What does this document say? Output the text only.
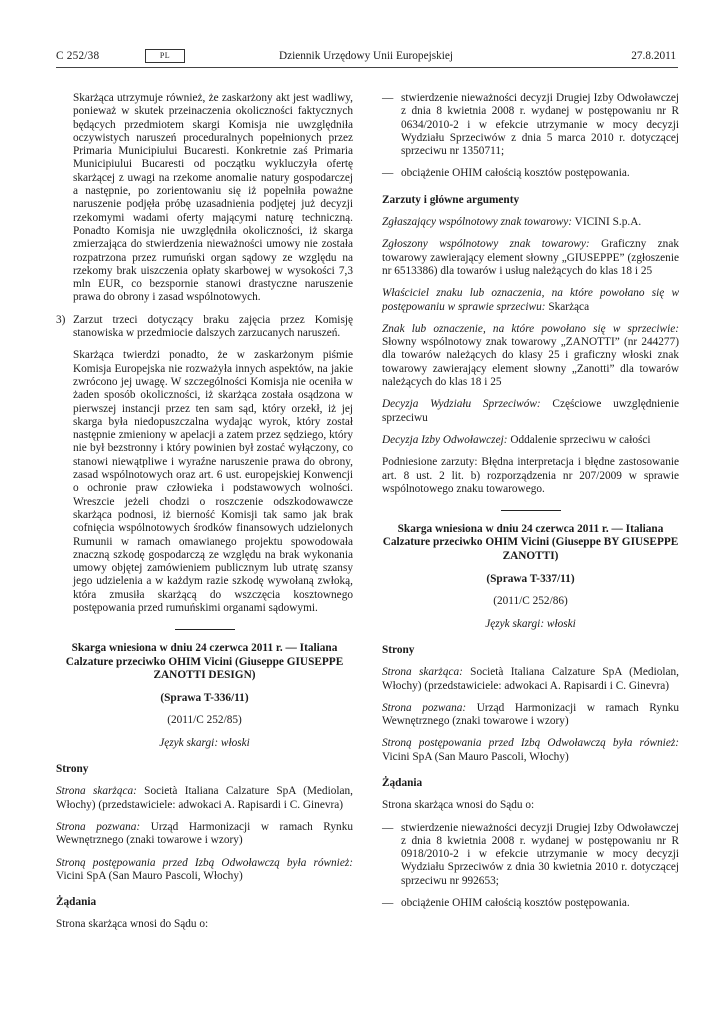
C 252/38	PL	Dziennik Urzędowy Unii Europejskiej	27.8.2011

Skarżąca utrzymuje również, że zaskarżony akt jest wadliwy, ponieważ w skutek przeinaczenia okoliczności faktycznych będących przedmiotem skargi Komisja nie uwzględniła oczywistych naruszeń proceduralnych popełnionych przez Primaria Municipiului Bucaresti. Konkretnie zaś Primaria Municipiului Bucaresti od początku wykluczyła ofertę skarżącej z uwagi na rzekome anomalie natury gospodarczej a następnie, po zorientowaniu się iż popełniła poważne naruszenie podjęła próbę uzasadnienia podjętej już decyzji rzekomymi wadami oferty mającymi naturę techniczną. Ponadto Komisja nie uwzględniła okoliczności, iż skarga zmierzająca do stwierdzenia nieważności umowy nie została rozpatrzona przez rumuński organ sądowy ze względu na rzekomy brak uiszczenia opłaty skarbowej w wysokości 7,3 mln EUR, co bezspornie stanowi drastyczne naruszenie prawa do obrony i zasad wspólnotowych.

3) Zarzut trzeci dotyczący braku zajęcia przez Komisję stanowiska w przedmiocie dalszych zarzucanych naruszeń.

Skarżąca twierdzi ponadto, że w zaskarżonym piśmie Komisja Europejska nie rozważyła innych aspektów, na jakie zwrócono jej uwagę. W szczególności Komisja nie oceniła w żaden sposób okoliczności, iż skarżąca została osądzona w pierwszej instancji przez ten sam sąd, który orzekł, iż jej skarga była niedopuszczalna wydając wyrok, który został następnie zmieniony w apelacji a zatem przez sędziego, który nie był bezstronny i który powinien był zostać wyłączony, co stanowi niewątpliwe i wyraźne naruszenie prawa do obrony, zasad wspólnotowych oraz art. 6 ust. europejskiej Konwencji o ochronie praw człowieka i podstawowych wolności. Wreszcie jeżeli chodzi o roszczenie odszkodowawcze skarżąca podnosi, iż bierność Komisji tak samo jak brak cofnięcia wspólnotowych środków finansowych udzielonych Rumunii w ramach omawianego projektu spowodowała znaczną szkodę gospodarczą ze względu na brak wykonania umowy objętej zamówieniem publicznym lub utratę szansy jego udzielenia a w każdym razie szkodę wywołaną zwłoką, która zmusiła skarżącą do wszczęcia kosztownego postępowania przed rumuńskimi organami sądowymi.

Skarga wniesiona w dniu 24 czerwca 2011 r. — Italiana Calzature przeciwko OHIM Vicini (Giuseppe GIUSEPPE ZANOTTI DESIGN)

(Sprawa T-336/11)

(2011/C 252/85)

Język skargi: włoski

Strony

Strona skarżąca: Società Italiana Calzature SpA (Mediolan, Włochy) (przedstawiciele: adwokaci A. Rapisardi i C. Ginevra)

Strona pozwana: Urząd Harmonizacji w ramach Rynku Wewnętrznego (znaki towarowe i wzory)

Stroną postępowania przed Izbą Odwoławczą była również: Vicini SpA (San Mauro Pascoli, Włochy)

Żądania

Strona skarżąca wnosi do Sądu o:

— stwierdzenie nieważności decyzji Drugiej Izby Odwoławczej z dnia 8 kwietnia 2008 r. wydanej w postępowaniu nr R 0634/2010-2 i w efekcie utrzymanie w mocy decyzji Wydziału Sprzeciwów z dnia 5 marca 2010 r. dotyczącej sprzeciwu nr 1350711;
— obciążenie OHIM całością kosztów postępowania.
Zarzuty i główne argumenty

Zgłaszający wspólnotowy znak towarowy: VICINI S.p.A.

Zgłoszony wspólnotowy znak towarowy: Graficzny znak towarowy zawierający element słowny „GIUSEPPE” (zgłoszenie nr 6513386) dla towarów i usług należących do klas 18 i 25

Właściciel znaku lub oznaczenia, na które powołano się w postępowaniu w sprawie sprzeciwu: Skarżąca

Znak lub oznaczenie, na które powołano się w sprzeciwie: Słowny wspólnotowy znak towarowy „ZANOTTI” (nr 244277) dla towarów należących do klasy 25 i graficzny włoski znak towarowy zawierający element słowny „Zanotti” dla towarów należących do klas 18 i 25

Decyzja Wydziału Sprzeciwów: Częściowe uwzględnienie sprzeciwu

Decyzja Izby Odwoławczej: Oddalenie sprzeciwu w całości

Podniesione zarzuty: Błędna interpretacja i błędne zastosowanie art. 8 ust. 2 lit. b) rozporządzenia nr 207/2009 w sprawie wspólnotowego znaku towarowego.

Skarga wniesiona w dniu 24 czerwca 2011 r. — Italiana Calzature przeciwko OHIM Vicini (Giuseppe BY GIUSEPPE ZANOTTI)

(Sprawa T-337/11)

(2011/C 252/86)

Język skargi: włoski

Strony

Strona skarżąca: Società Italiana Calzature SpA (Mediolan, Włochy) (przedstawiciele: adwokaci A. Rapisardi i C. Ginevra)

Strona pozwana: Urząd Harmonizacji w ramach Rynku Wewnętrznego (znaki towarowe i wzory)

Stroną postępowania przed Izbą Odwoławczą była również: Vicini SpA (San Mauro Pascoli, Włochy)

Żądania

Strona skarżąca wnosi do Sądu o:

— stwierdzenie nieważności decyzji Drugiej Izby Odwoławczej z dnia 8 kwietnia 2008 r. wydanej w postępowaniu nr R 0918/2010-2 i w efekcie utrzymanie w mocy decyzji Wydziału Sprzeciwów z dnia 30 kwietnia 2010 r. dotyczącej sprzeciwu nr 992653;
— obciążenie OHIM całością kosztów postępowania.
